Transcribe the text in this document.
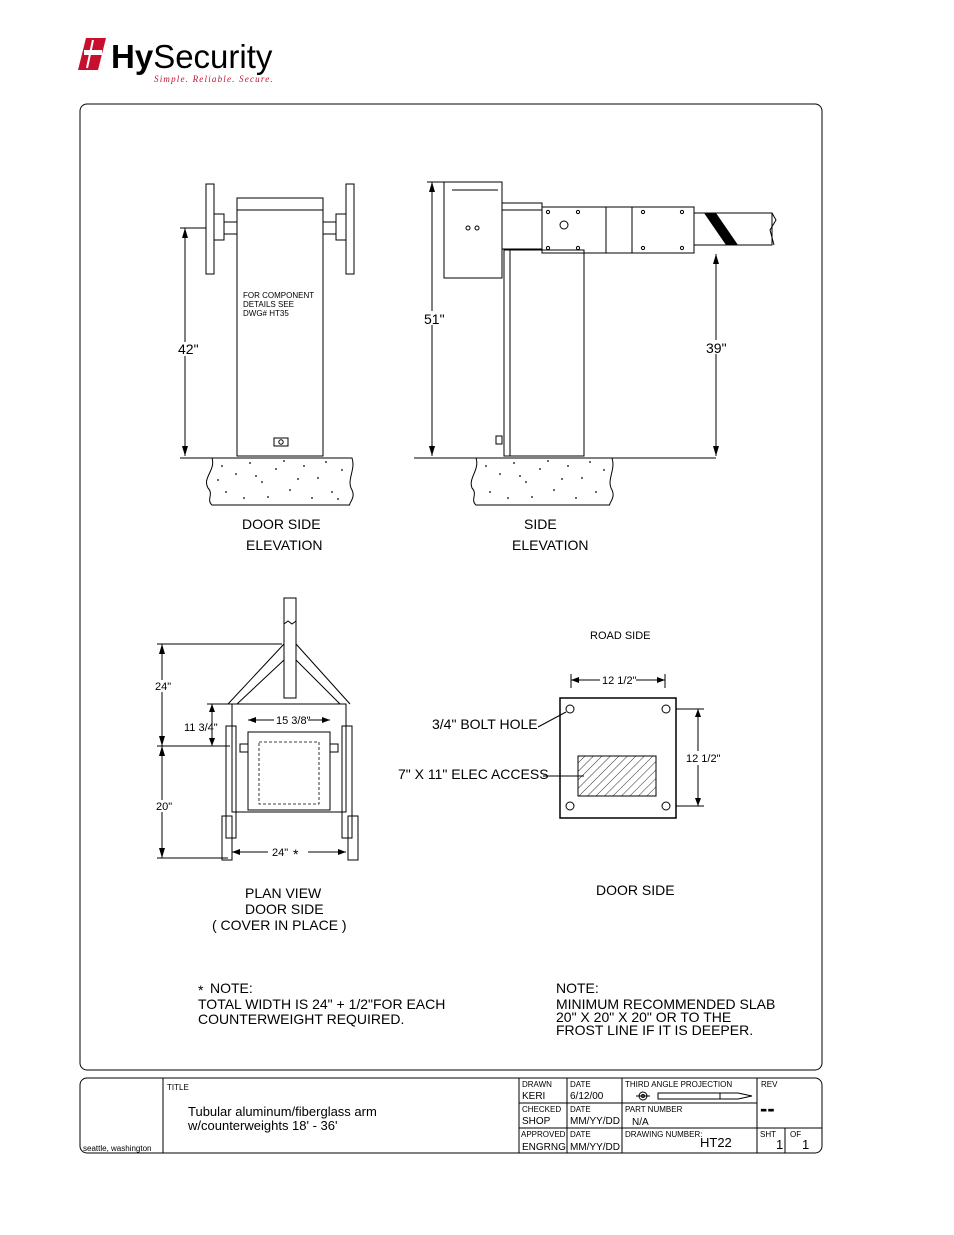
HySecurity
Simple. Reliable. Secure.
42"
FOR COMPONENT
DETAILS SEE
DWG# HT35
DOOR SIDE
ELEVATION
51"
39"
SIDE
ELEVATION
24"
20"
11 3/4"
15 3/8"
24" *
PLAN VIEW
DOOR SIDE
( COVER IN PLACE )
ROAD SIDE
12 1/2"
12 1/2"
3/4" BOLT HOLE
7" X 11" ELEC ACCESS
DOOR SIDE
* NOTE:
TOTAL WIDTH IS 24" + 1/2"FOR EACH
COUNTERWEIGHT REQUIRED.
NOTE:
MINIMUM RECOMMENDED SLAB
20" X 20" X 20" OR TO THE
FROST LINE IF IT IS DEEPER.
seattle, washington
TITLE
Tubular aluminum/fiberglass arm
w/counterweights 18' - 36'
DRAWN
KERI
DATE
6/12/00
CHECKED
SHOP
DATE
MM/YY/DD
APPROVED
ENGRNG
DATE
MM/YY/DD
THIRD ANGLE PROJECTION
PART NUMBER
N/A
DRAWING NUMBER:
HT22
REV
--
SHT OF
1 1
